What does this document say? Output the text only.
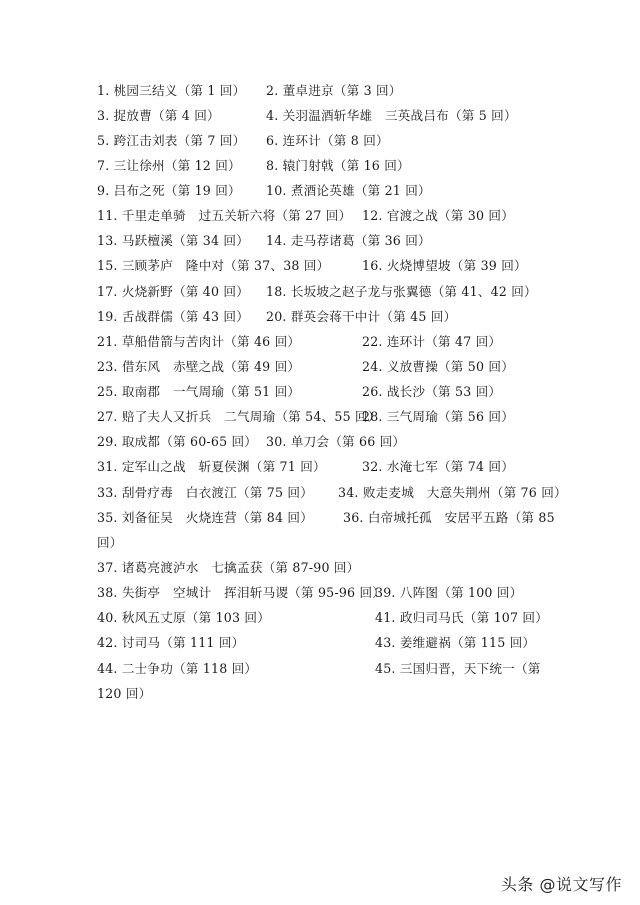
1. 桃园三结义（第 1 回） 2. 董卓进京（第 3 回）
3. 捉放曹（第 4 回）	4. 关羽温酒斩华雄　三英战吕布（第 5 回）
5. 跨江击刘表（第 7 回） 6. 连环计（第 8 回）
7. 三让徐州（第 12 回） 8. 辕门射戟（第 16 回）
9. 吕布之死（第 19 回） 10. 煮酒论英雄（第 21 回）
11. 千里走单骑　过五关斩六将（第 27 回） 12. 官渡之战（第 30 回）
13. 马跃檀溪（第 34 回） 14. 走马荐诸葛（第 36 回）
15. 三顾茅庐　隆中对（第 37、38 回）	16. 火烧博望坡（第 39 回）
17. 火烧新野（第 40 回） 18. 长坂坡之赵子龙与张翼德（第 41、42 回）
19. 舌战群儒（第 43 回） 20. 群英会蒋干中计（第 45 回）
21. 草船借箭与苦肉计（第 46 回）	22. 连环计（第 47 回）
23. 借东风　赤壁之战（第 49 回）	24. 义放曹操（第 50 回）
25. 取南郡　一气周瑜（第 51 回）	26. 战长沙（第 53 回）
27. 赔了夫人又折兵　二气周瑜（第 54、55 回）
28. 三气周瑜（第 56 回）
29. 取成都（第 60-65 回） 30. 单刀会（第 66 回）
31. 定军山之战　斩夏侯渊（第 71 回）	32. 水淹七军（第 74 回）
33. 刮骨疗毒　白衣渡江（第 75 回） 34. 败走麦城　大意失荆州（第 76 回）
35. 刘备征吴　火烧连营（第 84 回） 36. 白帝城托孤　安居平五路（第 85
回）
37. 诸葛亮渡泸水　七擒孟获（第 87-90 回）
38. 失街亭　空城计　挥泪斩马谡（第 95-96 回）
39. 八阵图（第 100 回）
40. 秋风五丈原（第 103 回）	41. 政归司马氏（第 107 回）
42. 讨司马（第 111 回）	43. 姜维避祸（第 115 回）
44. 二士争功（第 118 回）	45. 三国归晋，天下统一（第
120 回）
头条 @说文写作
